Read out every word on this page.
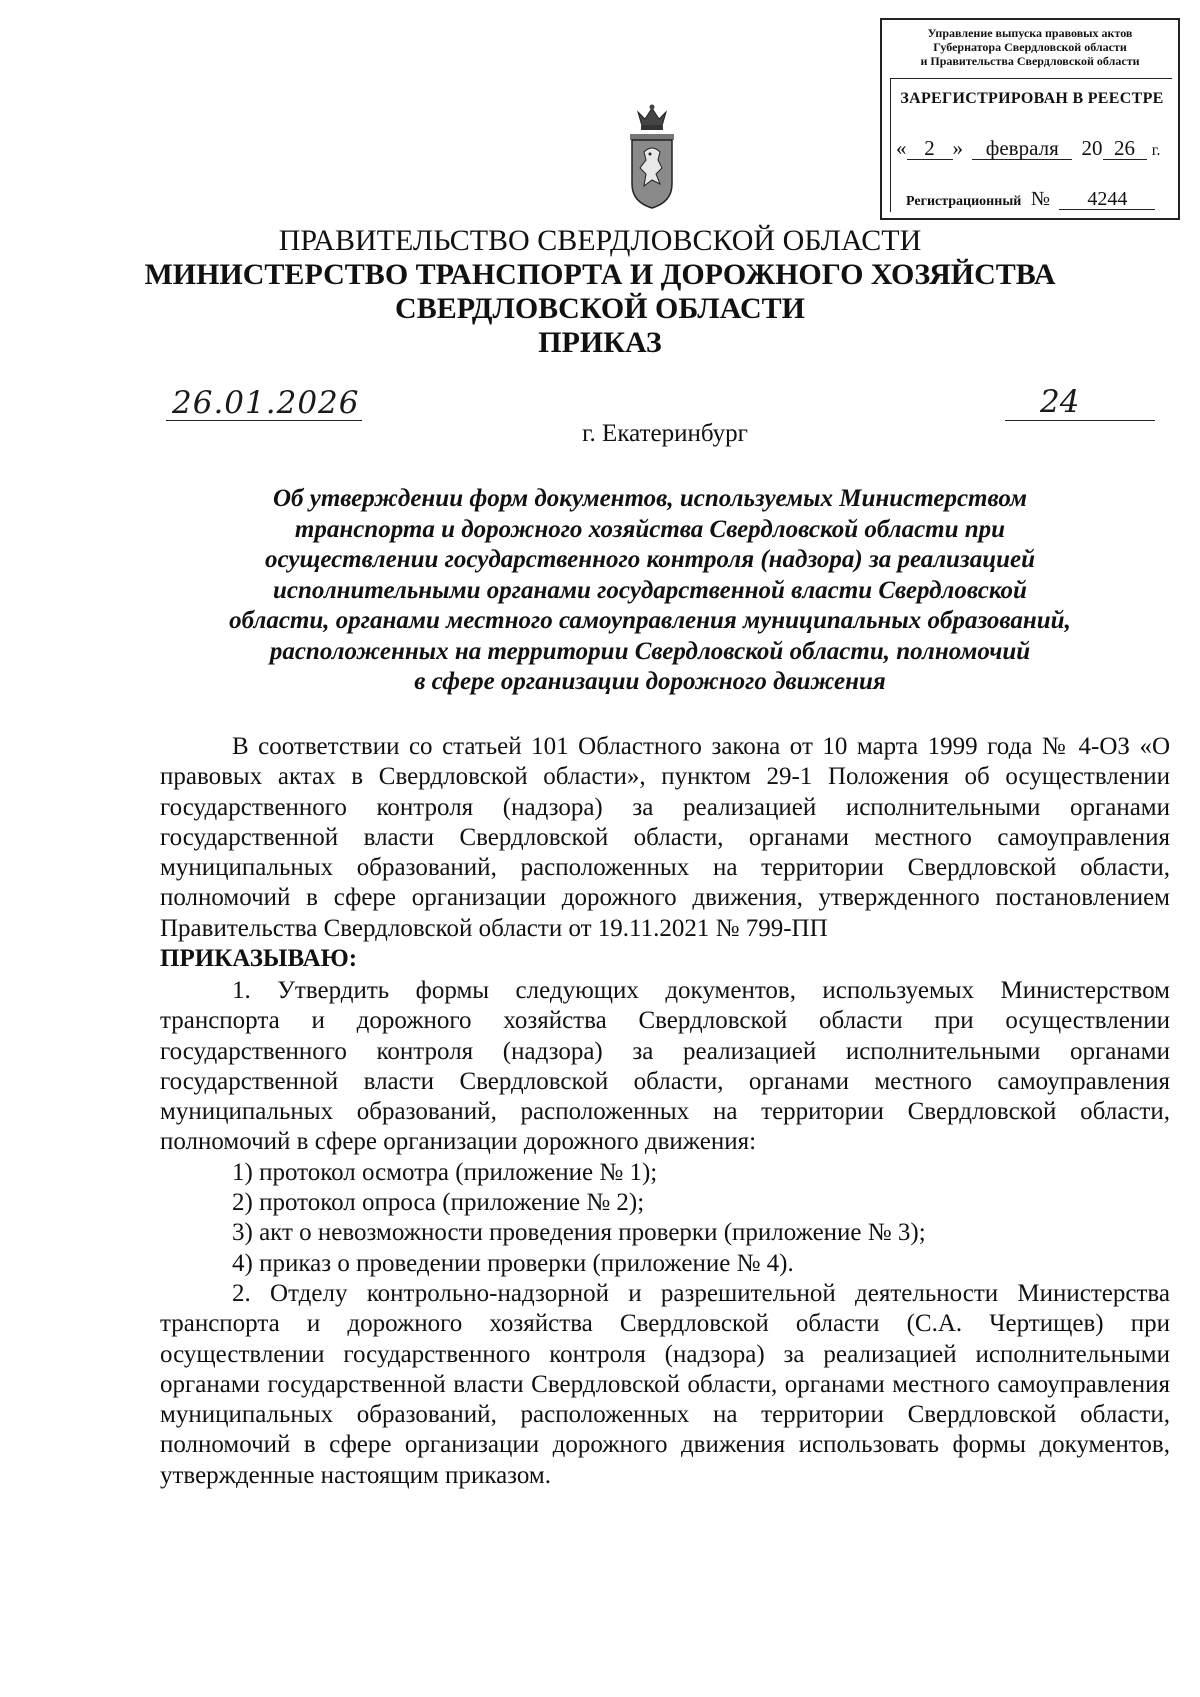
Управление выпуска правовых актов
Губернатора Свердловской области
и Правительства Свердловской области
ЗАРЕГИСТРИРОВАН В РЕЕСТРЕ
« 2 » февраля 20 26 г.
Регистрационный № 4244
ПРАВИТЕЛЬСТВО СВЕРДЛОВСКОЙ ОБЛАСТИ
МИНИСТЕРСТВО ТРАНСПОРТА И ДОРОЖНОГО ХОЗЯЙСТВА
СВЕРДЛОВСКОЙ ОБЛАСТИ
ПРИКАЗ
26.01.2026	24
г. Екатеринбург
Об утверждении форм документов, используемых Министерством
транспорта и дорожного хозяйства Свердловской области при
осуществлении государственного контроля (надзора) за реализацией
исполнительными органами государственной власти Свердловской
области, органами местного самоуправления муниципальных образований,
расположенных на территории Свердловской области, полномочий
в сфере организации дорожного движения

В соответствии со статьей 101 Областного закона от 10 марта 1999 года № 4-ОЗ «О правовых актах в Свердловской области», пунктом 29-1 Положения об осуществлении государственного контроля (надзора) за реализацией исполнительными органами государственной власти Свердловской области, органами местного самоуправления муниципальных образований, расположенных на территории Свердловской области, полномочий в сфере организации дорожного движения, утвержденного постановлением Правительства Свердловской области от 19.11.2021 № 799-ПП

ПРИКАЗЫВАЮ:

1. Утвердить формы следующих документов, используемых Министерством транспорта и дорожного хозяйства Свердловской области при осуществлении государственного контроля (надзора) за реализацией исполнительными органами государственной власти Свердловской области, органами местного самоуправления муниципальных образований, расположенных на территории Свердловской области, полномочий в сфере организации дорожного движения:

1) протокол осмотра (приложение № 1);

2) протокол опроса (приложение № 2);

3) акт о невозможности проведения проверки (приложение № 3);

4) приказ о проведении проверки (приложение № 4).

2. Отделу контрольно-надзорной и разрешительной деятельности Министерства транспорта и дорожного хозяйства Свердловской области (С.А. Чертищев) при осуществлении государственного контроля (надзора) за реализацией исполнительными органами государственной власти Свердловской области, органами местного самоуправления муниципальных образований, расположенных на территории Свердловской области, полномочий в сфере организации дорожного движения использовать формы документов, утвержденные настоящим приказом.
